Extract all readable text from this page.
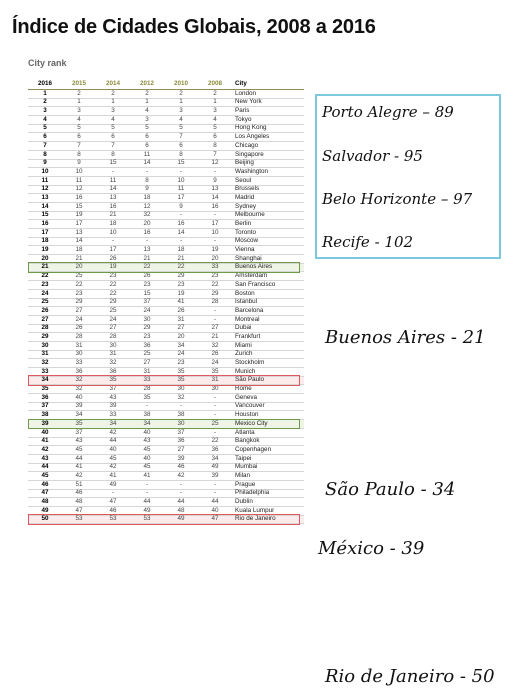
Índice de Cidades Globais, 2008 a 2016
City rank
2016	2015	2014	2012	2010	2008	City
1	2	2	2	2	2	London
2	1	1	1	1	1	New York
3	3	3	4	3	3	Paris
4	4	4	3	4	4	Tokyo
5	5	5	5	5	5	Hong Kong
6	6	6	6	7	6	Los Angeles
7	7	7	6	6	8	Chicago
8	8	8	11	8	7	Singapore
9	9	15	14	15	12	Beijing
10	10	-	-	-	-	Washington
11	11	11	8	10	9	Seoul
12	12	14	9	11	13	Brussels
13	16	13	18	17	14	Madrid
14	15	16	12	9	16	Sydney
15	19	21	32	-	-	Melbourne
16	17	18	20	16	17	Berlin
17	13	10	16	14	10	Toronto
18	14	-	-	-	-	Moscow
19	18	17	13	18	19	Vienna
20	21	26	21	21	20	Shanghai
21	20	19	22	22	33	Buenos Aires
22	25	23	26	29	23	Amsterdam
23	22	22	23	23	22	San Francisco
24	23	22	15	19	29	Boston
25	29	29	37	41	28	Istanbul
26	27	25	24	26	-	Barcelona
27	24	24	30	31	-	Montreal
28	26	27	29	27	27	Dubai
29	28	28	23	20	21	Frankfurt
30	31	30	36	34	32	Miami
31	30	31	25	24	26	Zurich
32	33	32	27	23	24	Stockholm
33	36	36	31	35	35	Munich
34	32	35	33	35	31	São Paulo
35	32	37	28	30	30	Rome
36	40	43	35	32	-	Geneva
37	39	39	-	-	-	Vancouver
38	34	33	38	38	-	Houston
39	35	34	34	30	25	Mexico City
40	37	42	40	37	-	Atlanta
41	43	44	43	36	22	Bangkok
42	45	40	45	27	36	Copenhagen
43	44	45	40	39	34	Taipei
44	41	42	45	46	49	Mumbai
45	42	41	41	42	39	Milan
46	51	49	-	-	-	Prague
47	46	-	-	-	-	Philadelphia
48	48	47	44	44	44	Dublin
49	47	46	49	48	40	Kuala Lumpur
50	53	53	53	49	47	Rio de Janeiro
Porto Alegre – 89
Salvador - 95
Belo Horizonte – 97
Recife - 102
Buenos Aires - 21
São Paulo - 34
México - 39
Rio de Janeiro - 50
